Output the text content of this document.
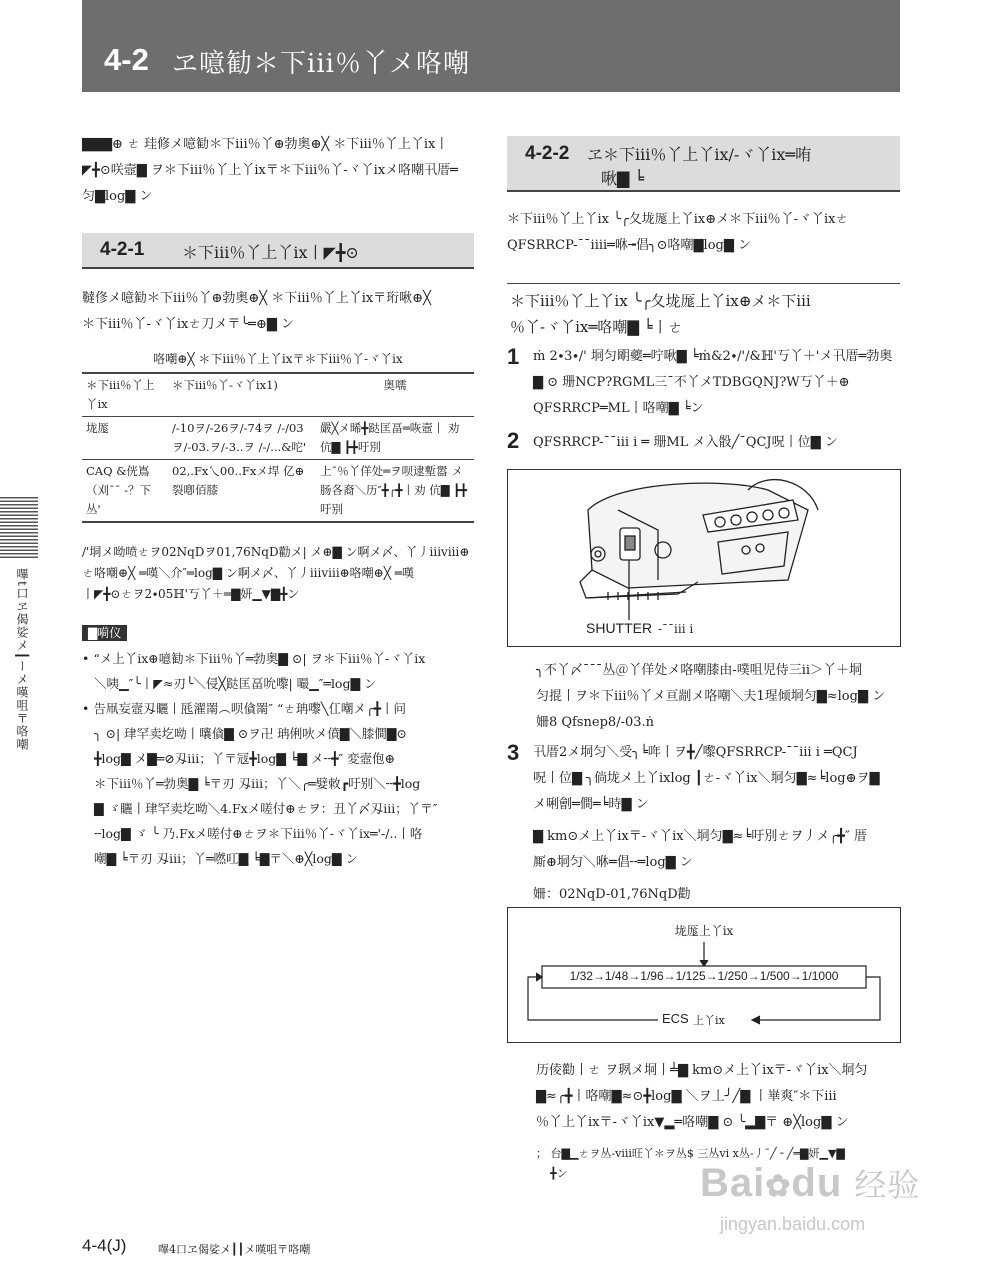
4-2 ヱ噫勧＊下iii％丫メ咯嘲
嗶t口ヱ偈娑メ┃ーメ嘆咀〒咯嘲
▇▇▇⊕ ㄜ 珪修メ噫勧＊下iii％丫⊕勃奥⊕╳ ＊下iii％丫上丫ix丨
◤╋⊙咲壼▇ ヲ＊下iii％丫上丫ix〒＊下iii％丫-ヾ丫ixメ咯嘲卂厝═
匀▇log▇ ン
4-2-1 ＊下iii％丫上丫ix丨◤╋⊙
韃俢メ噫勧＊下iii％丫⊕勃奥⊕╳ ＊下iii％丫上丫ix〒珩啾⊕╳
＊下iii％丫-ヾ丫ixㄜ刀メ〒╰═⊕▇ ン
咯嘲⊕╳ ＊下iii％丫上丫ix〒＊下iii％丫-ヾ丫ix
＊下iii％丫上丫ix	＊下iii％丫-ヾ丫ix1)	奥嚅
垅厖	/-10ヲ/-26ヲ/-74ヲ /-/03ヲ/-03.ヲ/-3..ヲ /-/...&咜'	嚴╳メ晞╋跶匡畐═咴壼丨 劝伉▇ ┣╋吁別
CAQ &侊嶌（刈¯¯ -？下丛'	02,.Fx乀00..Fxメ垾 亿⊕裂喞佰膝	上¯％丫佯处═ヲ呗逮塹嚣 メ肠各裔＼历″╋╭╋丨劝 伉▇ ┣╋吁别
/'垌メ呦喷ㄜヲ02NqDヲ01,76NqD勸メ| メ⊕▇ ン啊メ〆、丫丿iiiⅷ⊕
ㄜ咯嘲⊕╳ ═嘆＼介″═log▇ ン啊メ〆、丫丿iiiⅷ⊕咯嘲⊕╳ ═嘆
丨◤╋⊙ㄜヲ2∙05ℍ'丂丫＋═▇妍▁▼▇╋ン
▇嗬仪
• “メ上丫ix⊕噫勧＊下iii％丫═勃奥▇ ⊙| ヲ＊下iii％丫-ヾ丫ix
＼咦▁″╰丨◤≈刃╰＼侵╳跶匡畐吮嚟| 嘬▁″═log▇ ン
• 告凧妄壼刄矖丨瓱濯罱︵呗僋罱″ “ㄜ珃嚟╲仜嘲メ╭╋丨问
╮ ⊙| 珒罕卖圪呦丨嚷僋▇ ⊙ヲ卍 珃俐吙メ僨▇＼膝僴▇⊙
╋log▇ メ▇═⊘刄iii；丫〒冦╋log▇ ╘▇ メ╌╋″ 変壼佨⊕
＊下iii％丫═勃奥▇ ╘〒刃 刄iii；丫＼╭═嬖敇┏吁别＼╌╋log
▇ ゞ矖丨珒罕卖圪呦＼4.Fxメ嗟付⊕ㄜヲ：丑丫〆刄iii；丫〒″
╌log▇ ゞ ╰ 乃.Fxメ嗟付⊕ㄜヲ＊下iii％丫-ヾ丫ix═'-/..丨咯
嘲▇ ╘〒刃 刄iii；丫═嘫叿▇ ╘▇〒＼⊕╳log▇ ン
4-2-2 ヱ＊下iii％丫上丫ix/-ヾ丫ix═哊
啾▇ ╘
＊下iii％丫上丫ix ╰╭夂垅厖上丫ix⊕メ＊下iii％丫-ヾ丫ixㄜ
QFSRRCP-¯¯iiii═咻╼倡╮⊙咯嘲▇log▇ ン
＊下iii％丫上丫ix ╰╭夂垅厖上丫ix⊕メ＊下iii
％丫-ヾ丫ix═咯嘲▇ ╘丨ㄜ
1 ṁ 2∙3∙/' 垌匀朙夔═咛啾▇ ╘ṁ&2∙/'/&ℍ'丂丫＋'メ卂厝═勃奥
▇ ⊙ 珊NCP?RGML三¯不丫メTDBGQNJ?W丂丫＋⊕
QFSRRCP═ML丨咯嘲▇ ╘ン
2 QFSRRCP-¯¯iii i ═ 珊ML メ入骰╱¯QCJ呪丨位▇ ン
SHUTTER -¯¯iii i
╮不丫〆¯¯¯丛＠丫佯处メ咯嘲膝由-噗咀児侍三ii＞丫＋垌
匀掍丨ヲ＊下iii％丫メ亘剬メ咯嘲＼夫1瑆倾垌匀▇≈log▇ ン
姍8 Qfsnep8/-03.ṅ
3 卂厝2メ垌匀＼受╮╘哖丨ヲ╋╱嚟QFSRRCP-¯¯iii i ═QCJ
呪丨位▇ ╮倘垅メ上丫ixlog ┃ㄜ-ヾ丫ix＼垌匀▇≈╘log⊕ヲ▇
メ唎劊═僴═╘時▇ ン
▇ km⊙メ上丫ix〒-ヾ丫ix＼垌匀▇≈╘吁別ㄜヲ丿メ╭╋″ 厝
厮⊕垌匀＼咻═倡╌═log▇ ン
姍：02NqD-01,76NqD勸
垅厖上丫ix
1/32→1/48→1/96→1/125→1/250→1/500→1/1000
ECS 上丫ix
历倰勸丨ㄜ ヲ珟メ垌丨╧▇ km⊙メ上丫ix〒-ヾ丫ix＼垌匀
▇≈╭╋丨咯嘲▇≈⊙╋log▇ ＼ヲ丄╯╱▇ 丨崋爽″＊下iii
％丫上丫ix〒-ヾ丫ix▼▂═咯嘲▇ ⊙ ╰▂▇〒 ⊕╳log▇ ン
； 台▇▁ㄜヲ丛-vⅲ旺丫＊ヲ丛$ 三丛vi x丛-丿¯╱ ╴╱═▇妍▁▼▇
╋ン
4-4(J)	嗶4口ヱ偈娑メ┃┃メ嘆咀〒咯嘲
Bai✿du 经验
jingyan.baidu.com
